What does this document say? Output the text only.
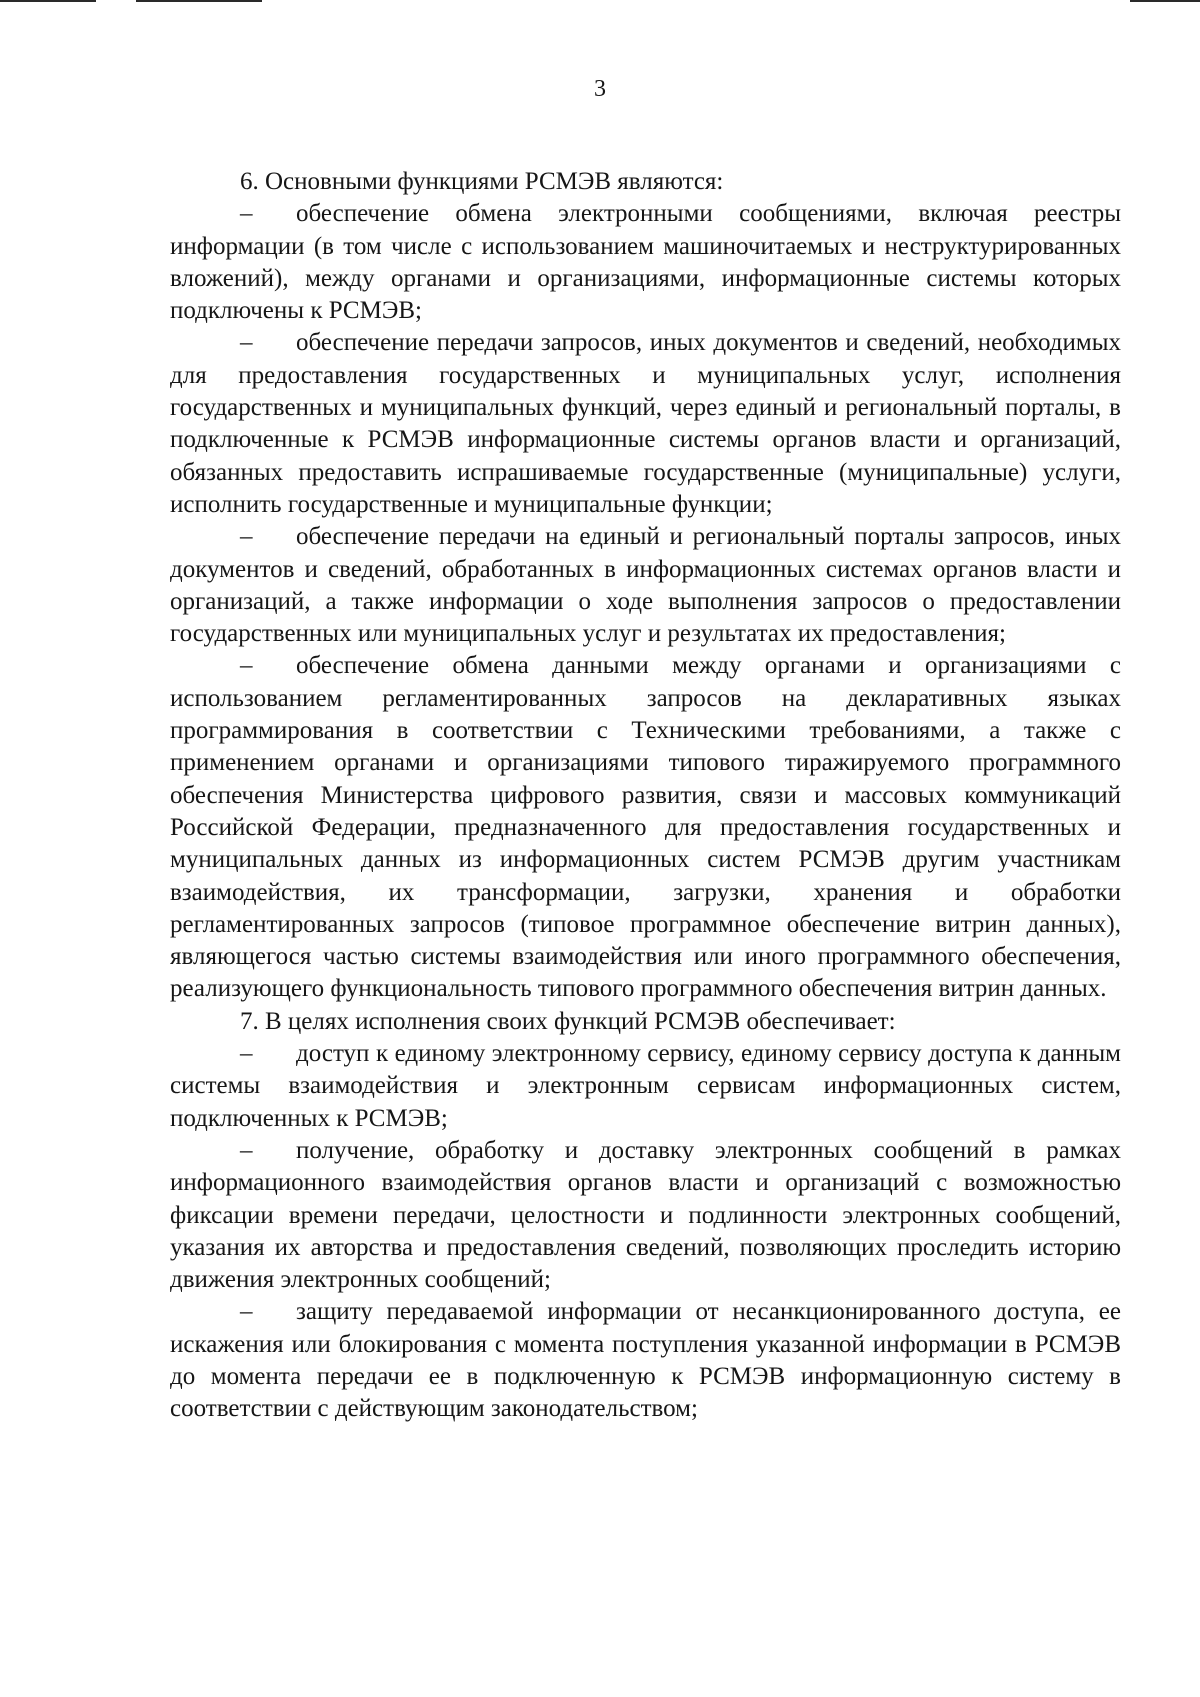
3

6. Основными функциями РСМЭВ являются:

– обеспечение обмена электронными сообщениями, включая реестры информации (в том числе с использованием машиночитаемых и неструктурированных вложений), между органами и организациями, информационные системы которых подключены к РСМЭВ;

– обеспечение передачи запросов, иных документов и сведений, необходимых для предоставления государственных и муниципальных услуг, исполнения государственных и муниципальных функций, через единый и региональный порталы, в подключенные к РСМЭВ информационные системы органов власти и организаций, обязанных предоставить испрашиваемые государственные (муниципальные) услуги, исполнить государственные и муниципальные функции;

– обеспечение передачи на единый и региональный порталы запросов, иных документов и сведений, обработанных в информационных системах органов власти и организаций, а также информации о ходе выполнения запросов о предоставлении государственных или муниципальных услуг и результатах их предоставления;

– обеспечение обмена данными между органами и организациями с использованием регламентированных запросов на декларативных языках программирования в соответствии с Техническими требованиями, а также с применением органами и организациями типового тиражируемого программного обеспечения Министерства цифрового развития, связи и массовых коммуникаций Российской Федерации, предназначенного для предоставления государственных и муниципальных данных из информационных систем РСМЭВ другим участникам взаимодействия, их трансформации, загрузки, хранения и обработки регламентированных запросов (типовое программное обеспечение витрин данных), являющегося частью системы взаимодействия или иного программного обеспечения, реализующего функциональность типового программного обеспечения витрин данных.

7. В целях исполнения своих функций РСМЭВ обеспечивает:

– доступ к единому электронному сервису, единому сервису доступа к данным системы взаимодействия и электронным сервисам информационных систем, подключенных к РСМЭВ;

– получение, обработку и доставку электронных сообщений в рамках информационного взаимодействия органов власти и организаций с возможностью фиксации времени передачи, целостности и подлинности электронных сообщений, указания их авторства и предоставления сведений, позволяющих проследить историю движения электронных сообщений;

– защиту передаваемой информации от несанкционированного доступа, ее искажения или блокирования с момента поступления указанной информации в РСМЭВ до момента передачи ее в подключенную к РСМЭВ информационную систему в соответствии с действующим законодательством;
